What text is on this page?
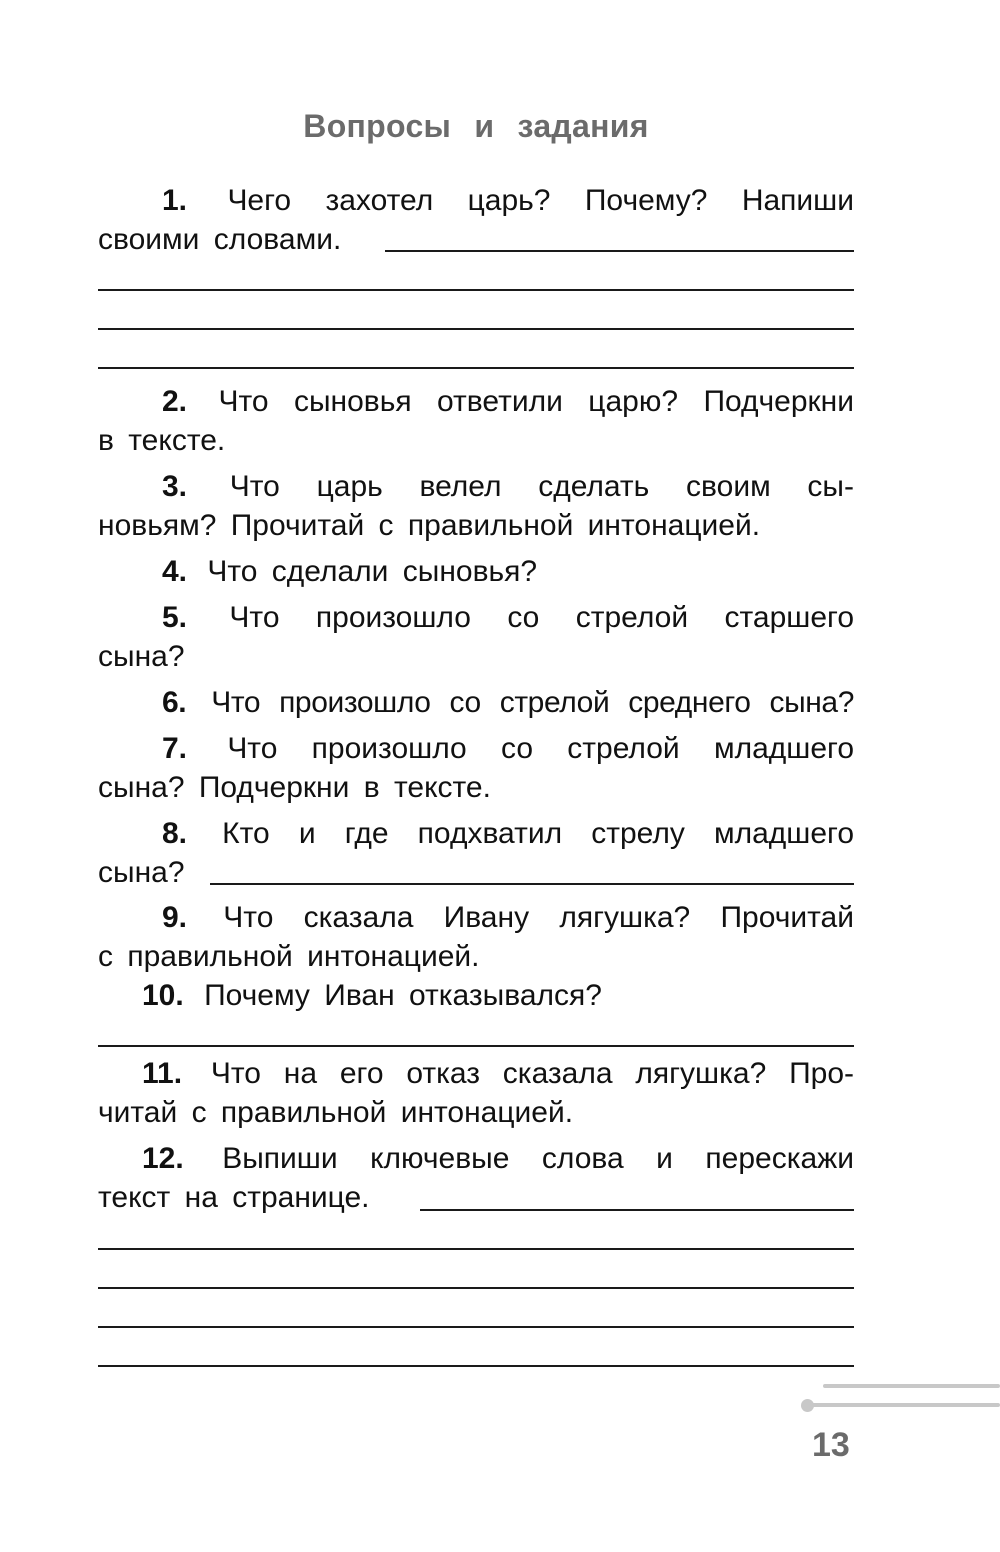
Вопросы и задания
1. Чего захотел царь? Почему? Напиши
своими словами.
2. Что сыновья ответили царю? Подчеркни
в тексте.
3. Что царь велел сделать своим сы-
новьям? Прочитай с правильной интонацией.
4. Что сделали сыновья?
5. Что произошло со стрелой старшего
сына?
6. Что произошло со стрелой среднего сына?
7. Что произошло со стрелой младшего
сына? Подчеркни в тексте.
8. Кто и где подхватил стрелу младшего
сына?
9. Что сказала Ивану лягушка? Прочитай
с правильной интонацией.
10. Почему Иван отказывался?
11. Что на его отказ сказала лягушка? Про-
читай с правильной интонацией.
12. Выпиши ключевые слова и перескажи
текст на странице.
13
